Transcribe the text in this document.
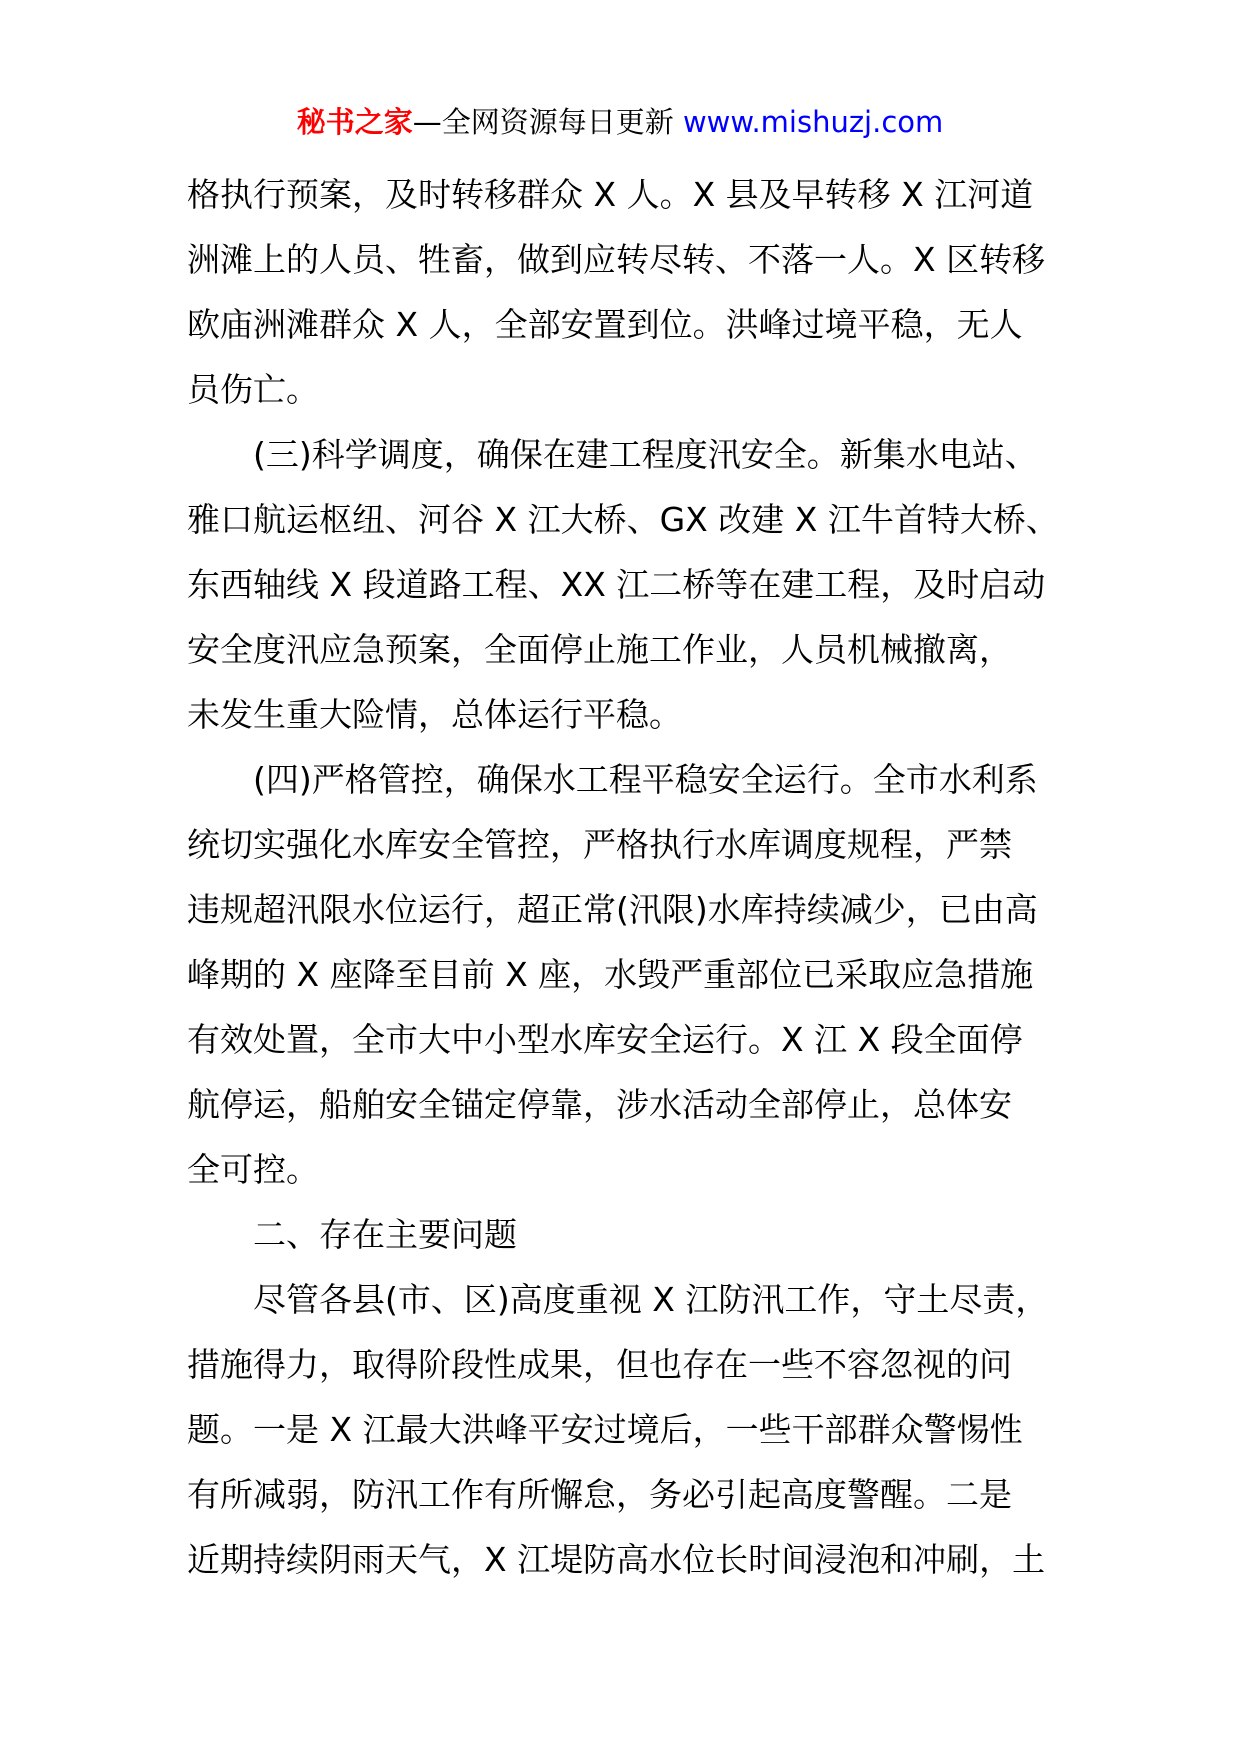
秘书之家—全网资源每日更新 www.mishuzj.com
格执行预案，及时转移群众 X 人。X 县及早转移 X 江河道
洲滩上的人员、牲畜，做到应转尽转、不落一人。X 区转移
欧庙洲滩群众 X 人，全部安置到位。洪峰过境平稳，无人
员伤亡。
(三)科学调度，确保在建工程度汛安全。新集水电站、
雅口航运枢纽、河谷 X 江大桥、GX 改建 X 江牛首特大桥、
东西轴线 X 段道路工程、XX 江二桥等在建工程，及时启动
安全度汛应急预案，全面停止施工作业，人员机械撤离，
未发生重大险情，总体运行平稳。
(四)严格管控，确保水工程平稳安全运行。全市水利系
统切实强化水库安全管控，严格执行水库调度规程，严禁
违规超汛限水位运行，超正常(汛限)水库持续减少，已由高
峰期的 X 座降至目前 X 座，水毁严重部位已采取应急措施
有效处置，全市大中小型水库安全运行。X 江 X 段全面停
航停运，船舶安全锚定停靠，涉水活动全部停止，总体安
全可控。
二、存在主要问题
尽管各县(市、区)高度重视 X 江防汛工作，守土尽责，
措施得力，取得阶段性成果，但也存在一些不容忽视的问
题。一是 X 江最大洪峰平安过境后，一些干部群众警惕性
有所减弱，防汛工作有所懈怠，务必引起高度警醒。二是
近期持续阴雨天气，X 江堤防高水位长时间浸泡和冲刷，土
